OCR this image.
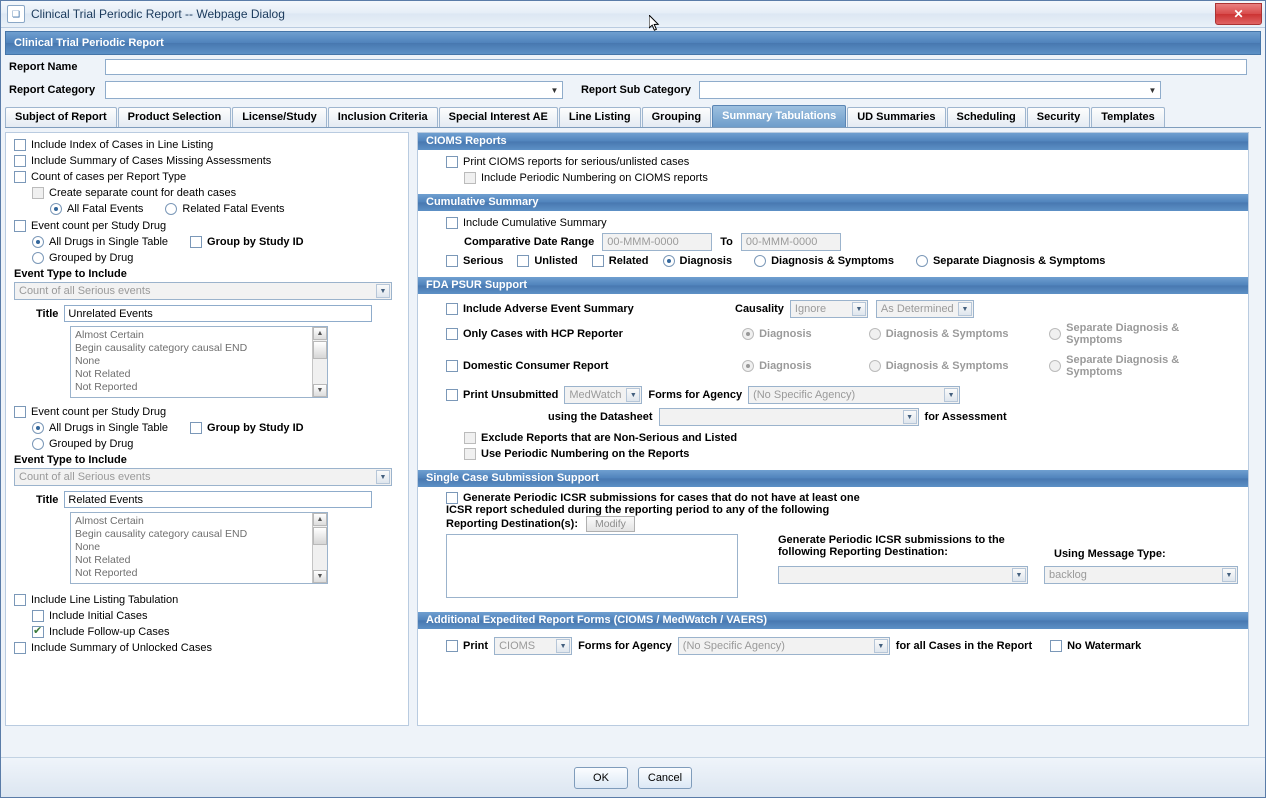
❏ Clinical Trial Periodic Report -- Webpage Dialog	✕
Clinical Trial Periodic Report
Report Name
Report Category	▼	Report Sub Category	▼
Subject of Report	Product Selection	License/Study	Inclusion Criteria	Special Interest AE	Line Listing	Grouping	Summary Tabulations	UD Summaries	Scheduling	Security	Templates
Include Index of Cases in Line Listing
Include Summary of Cases Missing Assessments
Count of cases per Report Type
Create separate count for death cases
All Fatal Events	Related Fatal Events
Event count per Study Drug
All Drugs in Single Table	Group by Study ID
Grouped by Drug
Event Type to Include
Count of all Serious events	▼
Title
Unrelated Events
Almost Certain
Begin causality category causal END
None
Not Related
Not Reported
▲
▼
Event count per Study Drug
All Drugs in Single Table	Group by Study ID
Grouped by Drug
Event Type to Include
Count of all Serious events	▼
Title
Related Events
Almost Certain
Begin causality category causal END
None
Not Related
Not Reported
▲
▼
Include Line Listing Tabulation
Include Initial Cases
✔
Include Follow-up Cases
Include Summary of Unlocked Cases
CIOMS Reports
Print CIOMS reports for serious/unlisted cases
Include Periodic Numbering on CIOMS reports
Cumulative Summary
Include Cumulative Summary
Comparative Date Range 00-MMM-0000	To 00-MMM-0000
Serious	Unlisted	Related	Diagnosis	Diagnosis & Symptoms	Separate Diagnosis & Symptoms
FDA PSUR Support
Include Adverse Event Summary	Causality Ignore	▼	As Determined	▼
Only Cases with HCP Reporter	Diagnosis	Diagnosis & Symptoms	Separate Diagnosis & Symptoms
Domestic Consumer Report	Diagnosis	Diagnosis & Symptoms	Separate Diagnosis & Symptoms
Print Unsubmitted MedWatch	▼	Forms for Agency (No Specific Agency)	▼
using the Datasheet	▼	for Assessment
Exclude Reports that are Non-Serious and Listed
Use Periodic Numbering on the Reports
Single Case Submission Support
Generate Periodic ICSR submissions for cases that do not have at least one
ICSR report scheduled during the reporting period to any of the following
Reporting Destination(s):	Modify
Generate Periodic ICSR submissions to the
following Reporting Destination:	Using Message Type:
▼	backlog	▼
Additional Expedited Report Forms (CIOMS / MedWatch / VAERS)
Print CIOMS	▼	Forms for Agency (No Specific Agency)	▼	for all Cases in the Report	No Watermark
OK	Cancel
